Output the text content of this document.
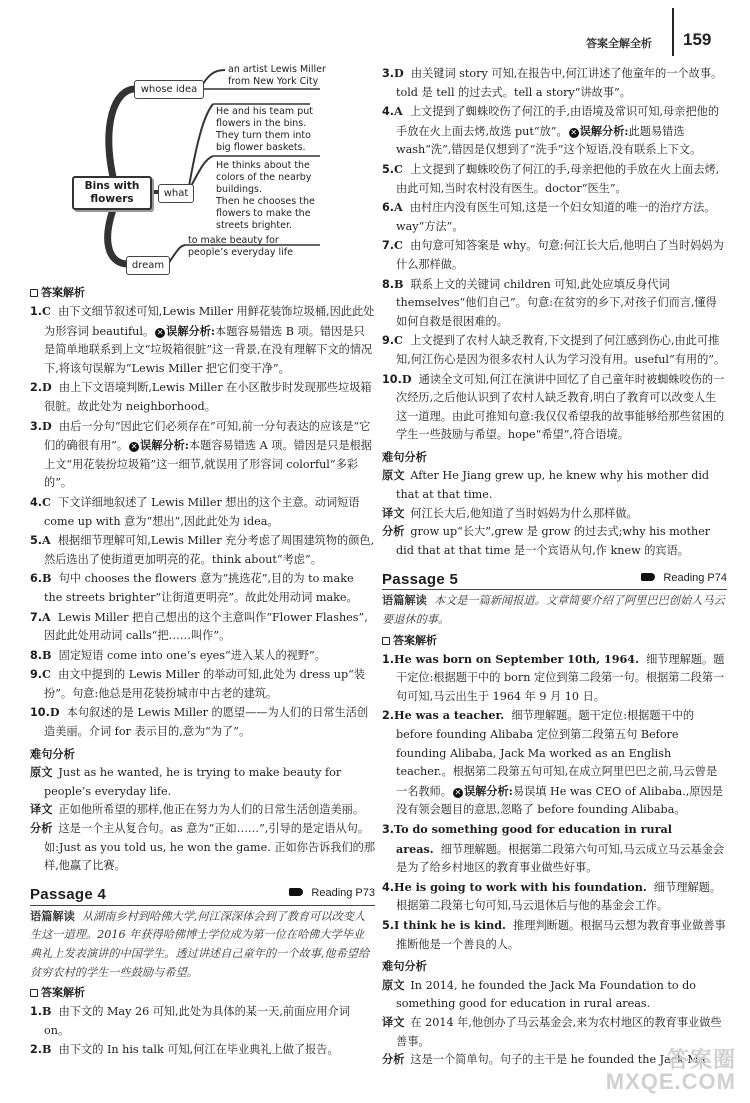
答案全解全析 159
whose idea
Bins with flowers	what
dream
an artist Lewis Miller
from New York City
He and his team put
flowers in the bins.
They turn them into
big flower baskets.
He thinks about the
colors of the nearby
buildings.
Then he chooses the
flowers to make the
streets brighter.
to make beauty for
people’s everyday life
答案解析
1.C 由下文细节叙述可知,Lewis Miller 用鲜花装饰垃圾桶,因此此处为形容词 beautiful。 ✕ 误解分析:本题容易错选 B 项。错因是只是简单地联系到上文“垃圾箱很脏”这一背景,在没有理解下文的情况下,将该句误解为“Lewis Miller 把它们变干净”。
2.D 由上下文语境判断,Lewis Miller 在小区散步时发现那些垃圾箱很脏。故此处为 neighborhood。
3.D 由后一分句“因此它们必须存在”可知,前一分句表达的应该是“它们的确很有用”。 ✕ 误解分析:本题容易错选 A 项。错因是只是根据上文“用花装扮垃圾箱”这一细节,就误用了形容词 colorful“多彩的”。
4.C 下文详细地叙述了 Lewis Miller 想出的这个主意。动词短语 come up with 意为“想出”,因此此处为 idea。
5.A 根据细节理解可知,Lewis Miller 充分考虑了周围建筑物的颜色,然后选出了使街道更加明亮的花。think about“考虑”。
6.B 句中 chooses the flowers 意为“挑选花”,目的为 to make the streets brighter“让街道更明亮”。故此处用动词 make。
7.A Lewis Miller 把自己想出的这个主意叫作“Flower Flashes”,因此此处用动词 calls“把……叫作”。
8.B 固定短语 come into one’s eyes“进入某人的视野”。
9.C 由文中提到的 Lewis Miller 的举动可知,此处为 dress up“装扮”。句意:他总是用花装扮城市中古老的建筑。
10.D 本句叙述的是 Lewis Miller 的愿望——为人们的日常生活创造美丽。介词 for 表示目的,意为“为了”。
难句分析
原文 Just as he wanted, he is trying to make beauty for people’s everyday life.
译文 正如他所希望的那样,他正在努力为人们的日常生活创造美丽。
分析 这是一个主从复合句。as 意为“正如……”,引导的是定语从句。如:Just as you told us, he won the game. 正如你告诉我们的那样,他赢了比赛。
Passage 4	Reading P73
语篇解读 从湖南乡村到哈佛大学,何江深深体会到了教育可以改变人生这一道理。2016 年获得哈佛博士学位成为第一位在哈佛大学毕业典礼上发表演讲的中国学生。透过讲述自己童年的一个故事,他希望给贫穷农村的学生一些鼓励与希望。
答案解析
1.B 由下文的 May 26 可知,此处为具体的某一天,前面应用介词 on。
2.B 由下文的 In his talk 可知,何江在毕业典礼上做了报告。
3.D 由关键词 story 可知,在报告中,何江讲述了他童年的一个故事。told 是 tell 的过去式。tell a story“讲故事”。
4.A 上文提到了蜘蛛咬伤了何江的手,由语境及常识可知,母亲把他的手放在火上面去烤,故选 put“放”。 ✕ 误解分析:此题易错选 wash“洗”,错因是仅想到了“洗手”这个短语,没有联系上下文。
5.C 上文提到了蜘蛛咬伤了何江的手,母亲把他的手放在火上面去烤,由此可知,当时农村没有医生。doctor“医生”。
6.A 由村庄内没有医生可知,这是一个妇女知道的唯一的治疗方法。way“方法”。
7.C 由句意可知答案是 why。句意:何江长大后,他明白了当时妈妈为什么那样做。
8.B 联系上文的关键词 children 可知,此处应填反身代词 themselves“他们自己”。句意:在贫穷的乡下,对孩子们而言,懂得如何自救是很困难的。
9.C 上文提到了农村人缺乏教育,下文提到了何江感到伤心,由此可推知,何江伤心是因为很多农村人认为学习没有用。useful“有用的”。
10.D 通读全文可知,何江在演讲中回忆了自己童年时被蜘蛛咬伤的一次经历,之后他认识到了农村人缺乏教育,明白了教育可以改变人生这一道理。由此可推知句意:我仅仅希望我的故事能够给那些贫困的学生一些鼓励与希望。hope“希望”,符合语境。
难句分析
原文 After He Jiang grew up, he knew why his mother did that at that time.
译文 何江长大后,他知道了当时妈妈为什么那样做。
分析 grow up“长大”,grew 是 grow 的过去式;why his mother did that at that time 是一个宾语从句,作 knew 的宾语。
Passage 5	Reading P74
语篇解读 本文是一篇新闻报道。文章简要介绍了阿里巴巴创始人马云要退休的事。
答案解析
1.He was born on September 10th, 1964. 细节理解题。题干定位:根据题干中的 born 定位到第二段第一句。根据第二段第一句可知,马云出生于 1964 年 9 月 10 日。
2.He was a teacher. 细节理解题。题干定位:根据题干中的 before founding Alibaba 定位到第二段第五句 Before founding Alibaba, Jack Ma worked as an English teacher.。根据第二段第五句可知,在成立阿里巴巴之前,马云曾是一名教师。 ✕ 误解分析:易误填 He was CEO of Alibaba.,原因是没有领会题目的意思,忽略了 before founding Alibaba。
3.To do something good for education in rural areas. 细节理解题。根据第二段第六句可知,马云成立马云基金会是为了给乡村地区的教育事业做些好事。
4.He is going to work with his foundation. 细节理解题。根据第二段第七句可知,马云退休后与他的基金会工作。
5.I think he is kind. 推理判断题。根据马云想为教育事业做善事推断他是一个善良的人。
难句分析
原文 In 2014, he founded the Jack Ma Foundation to do something good for education in rural areas.
译文 在 2014 年,他创办了马云基金会,来为农村地区的教育事业做些善事。
分析 这是一个简单句。句子的主干是 he founded the Jack Ma
答案圈
MXQE.COM
